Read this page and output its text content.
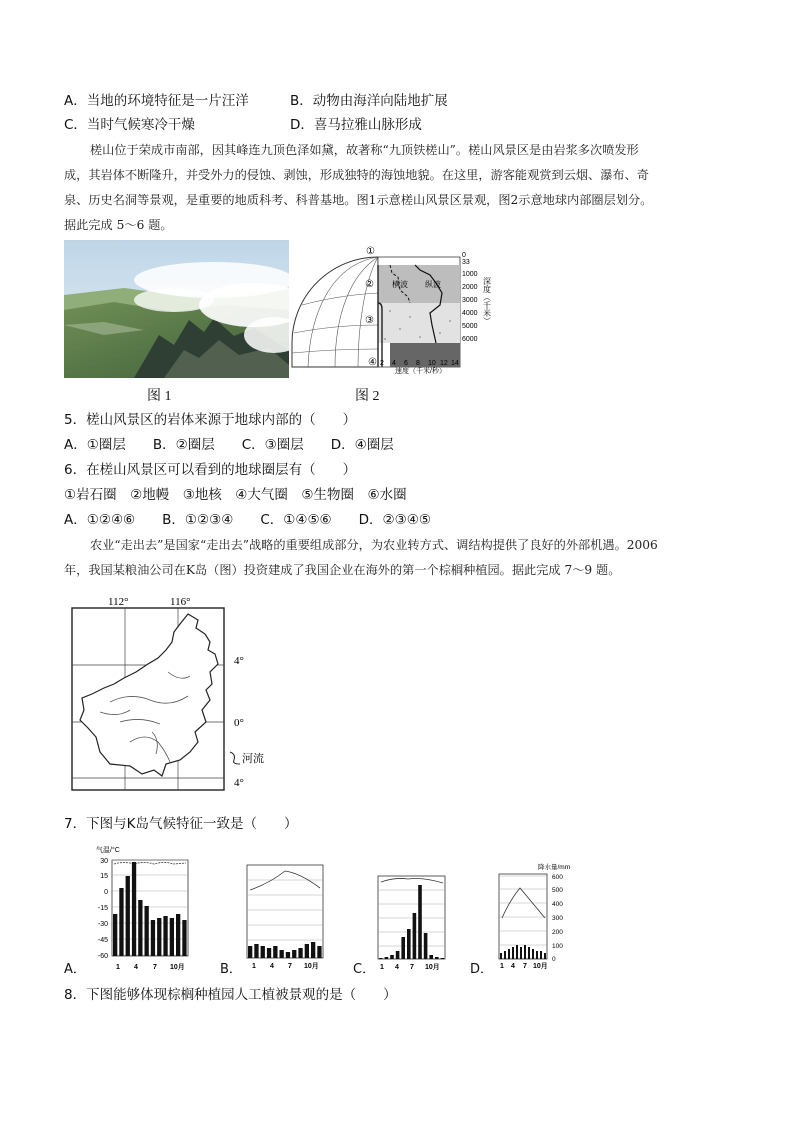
A．当地的环境特征是一片汪洋	B．动物由海洋向陆地扩展
C．当时气候寒冷干燥	D．喜马拉雅山脉形成
槎山位于荣成市南部，因其峰连九顶色泽如黛，故著称“九顶铁槎山”。槎山风景区是由岩浆多次喷发形
成，其岩体不断隆升，并受外力的侵蚀、剥蚀，形成独特的海蚀地貌。在这里，游客能观赏到云烟、瀑布、奇
泉、历史名洞等景观，是重要的地质科考、科普基地。图1示意槎山风景区景观，图2示意地球内部圈层划分。
据此完成 5～6 题。
图 1
横波 纵波
①
②
③
④
0
33
1000
2000
3000
4000
5000
6000
深度（千米）
2 4 6 8 10 12 14
速度（千米/秒）
图 2
5．槎山风景区的岩体来源于地球内部的（　　）
A．①圈层　　B．②圈层　　C．③圈层　　D．④圈层
6．在槎山风景区可以看到的地球圈层有（　　）
①岩石圈　②地幔　③地核　④大气圈　⑤生物圈　⑥水圈
A．①②④⑥　　B．①②③④　　C．①④⑤⑥　　D．②③④⑤
农业“走出去”是国家“走出去”战略的重要组成部分，为农业转方式、调结构提供了良好的外部机遇。2006
年，我国某粮油公司在K岛（图）投资建成了我国企业在海外的第一个棕榈种植园。据此完成 7～9 题。
112°	116°
4°
0°
4°
河流
7．下图与K岛气候特征一致是（　　）
A．
气温/°C
30
15
0
-15
-30
-45
-60
1 4 7 10月	B． 1 4 7 10月	C． 1 4 7 10月 D．
降水量/mm
600
500
400
300
200
100
0
1 4 7 10月
8．下图能够体现棕榈种植园人工植被景观的是（　　）
